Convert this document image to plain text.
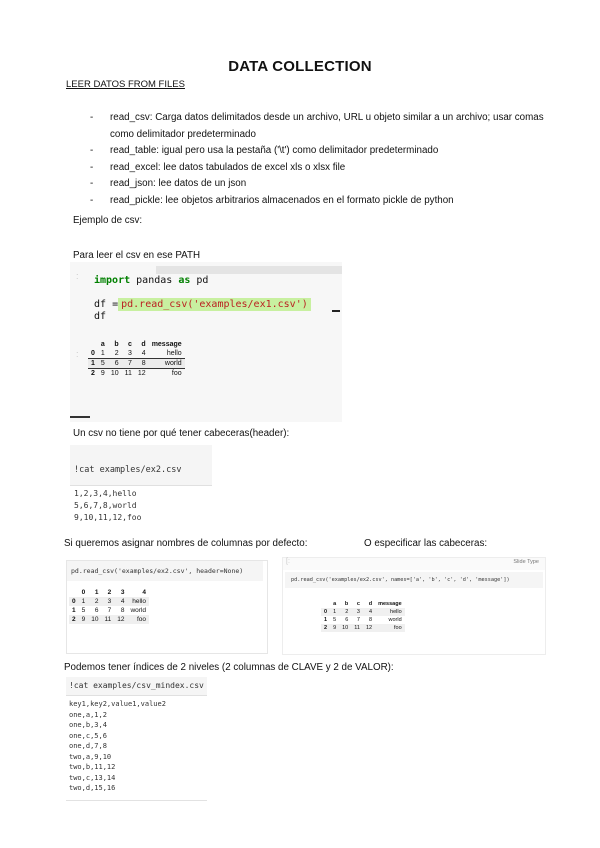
DATA COLLECTION
LEER DATOS FROM FILES
- read_csv: Carga datos delimitados desde un archivo, URL u objeto similar a un archivo; usar comas como delimitador predeterminado
- read_table: igual pero usa la pestaña ('\t') como delimitador predeterminado
- read_excel: lee datos tabulados de excel xls o xlsx file
- read_json: lee datos de un json
- read_pickle: lee objetos arbitrarios almacenados en el formato pickle de python
Ejemplo de csv:
Para leer el csv en ese PATH
: import pandas as pd
df = pd.read_csv('examples/ex1.csv')
df
:
	a	b	c	d	message
0	1	2	3	4	hello
1	5	6	7	8	world
2	9	10	11	12	foo
Un csv no tiene por qué tener cabeceras(header):
!cat examples/ex2.csv
1,2,3,4,hello
5,6,7,8,world
9,10,11,12,foo
Si queremos asignar nombres de columnas por defecto:	O especificar las cabeceras:
pd.read_csv('examples/ex2.csv', header=None)
	0	1	2	3	4
0	1	2	3	4	hello
1	5	6	7	8	world
2	9	10	11	12	foo
[:	Slide Type
pd.read_csv('examples/ex2.csv', names=['a', 'b', 'c', 'd', 'message'])
	a	b	c	d	message
0	1	2	3	4	hello
1	5	6	7	8	world
2	9	10	11	12	foo
Podemos tener índices de 2 niveles (2 columnas de CLAVE y 2 de VALOR):
!cat examples/csv_mindex.csv
key1,key2,value1,value2
one,a,1,2
one,b,3,4
one,c,5,6
one,d,7,8
two,a,9,10
two,b,11,12
two,c,13,14
two,d,15,16
